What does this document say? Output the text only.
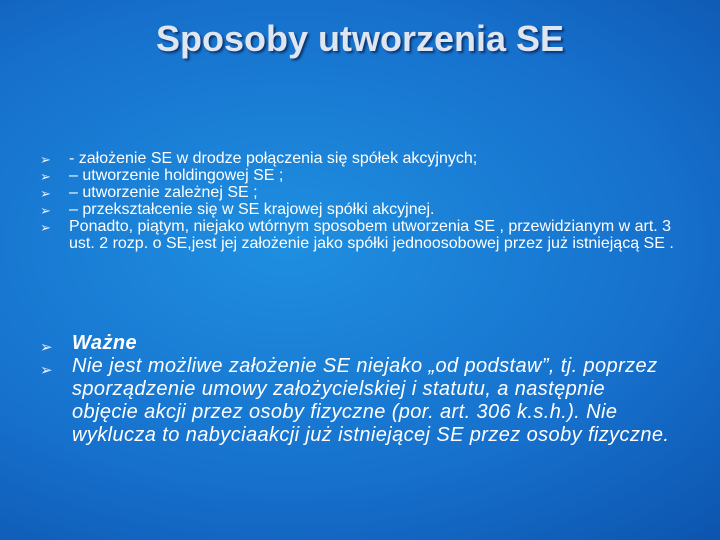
Sposoby utworzenia SE
➢ - założenie SE w drodze połączenia się spółek akcyjnych;
➢ – utworzenie holdingowej SE ;
➢ – utworzenie zależnej SE ;
➢ – przekształcenie się w SE krajowej spółki akcyjnej.
➢ Ponadto, piątym, niejako wtórnym sposobem utworzenia SE , przewidzianym w art. 3 ust. 2 rozp. o SE,jest jej założenie jako spółki jednoosobowej przez już istniejącą SE .
➢ Ważne
➢ Nie jest możliwe założenie SE niejako „od podstaw”, tj. poprzez sporządzenie umowy założycielskiej i statutu, a następnie objęcie akcji przez osoby fizyczne (por. art. 306 k.s.h.). Nie wyklucza to nabyciaakcji już istniejącej SE przez osoby fizyczne.
